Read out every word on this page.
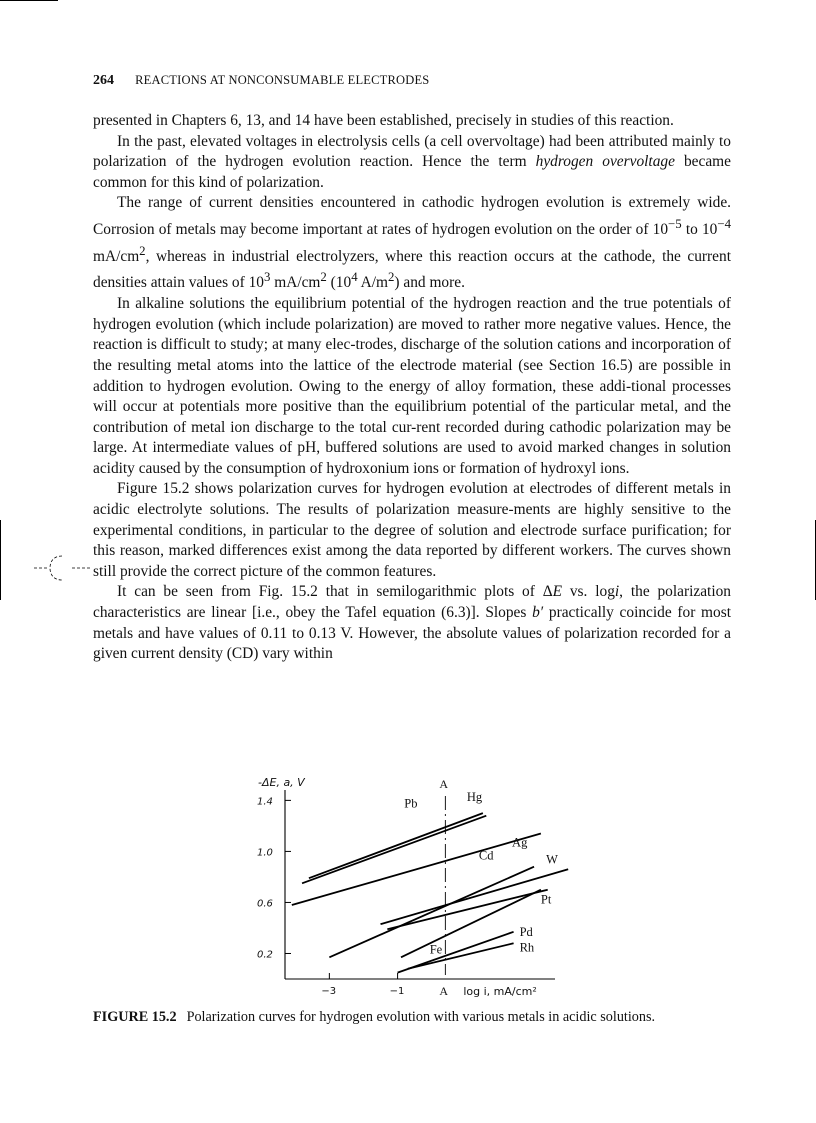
264 REACTIONS AT NONCONSUMABLE ELECTRODES

presented in Chapters 6, 13, and 14 have been established, precisely in studies of this reaction.

In the past, elevated voltages in electrolysis cells (a cell overvoltage) had been attributed mainly to polarization of the hydrogen evolution reaction. Hence the term hydrogen overvoltage became common for this kind of polarization.

The range of current densities encountered in cathodic hydrogen evolution is extremely wide. Corrosion of metals may become important at rates of hydrogen evolution on the order of $10^{-5}$ to $10^{-4}$ $mA/cm^2$, whereas in industrial electrolyzers, where this reaction occurs at the cathode, the current densities attain values of $10^3$ $mA/cm^2$ ($10^4$ $A/m^2$) and more.

In alkaline solutions the equilibrium potential of the hydrogen reaction and the true potentials of hydrogen evolution (which include polarization) are moved to rather more negative values. Hence, the reaction is difficult to study; at many elec-trodes, discharge of the solution cations and incorporation of the resulting metal atoms into the lattice of the electrode material (see Section 16.5) are possible in addition to hydrogen evolution. Owing to the energy of alloy formation, these addi-tional processes will occur at potentials more positive than the equilibrium potential of the particular metal, and the contribution of metal ion discharge to the total cur-rent recorded during cathodic polarization may be large. At intermediate values of pH, buffered solutions are used to avoid marked changes in solution acidity caused by the consumption of hydroxonium ions or formation of hydroxyl ions.

Figure 15.2 shows polarization curves for hydrogen evolution at electrodes of different metals in acidic electrolyte solutions. The results of polarization measure-ments are highly sensitive to the experimental conditions, in particular to the degree of solution and electrode surface purification; for this reason, marked differences exist among the data reported by different workers. The curves shown still provide the correct picture of the common features.

It can be seen from Fig. 15.2 that in semilogarithmic plots of ΔE vs. logi, the polarization characteristics are linear [i.e., obey the Tafel equation (6.3)]. Slopes b′ practically coincide for most metals and have values of 0.11 to 0.13 V. However, the absolute values of polarization recorded for a given current density (CD) vary within

-ΔE, a, V
1.4
1.0
0.6
0.2
−3	−1
A
A log i, mA/cm²
Pb	Hg
Cd
Ag
W
Fe
Pt
Pd
Rh
FIGURE 15.2 Polarization curves for hydrogen evolution with various metals in acidic solutions.
